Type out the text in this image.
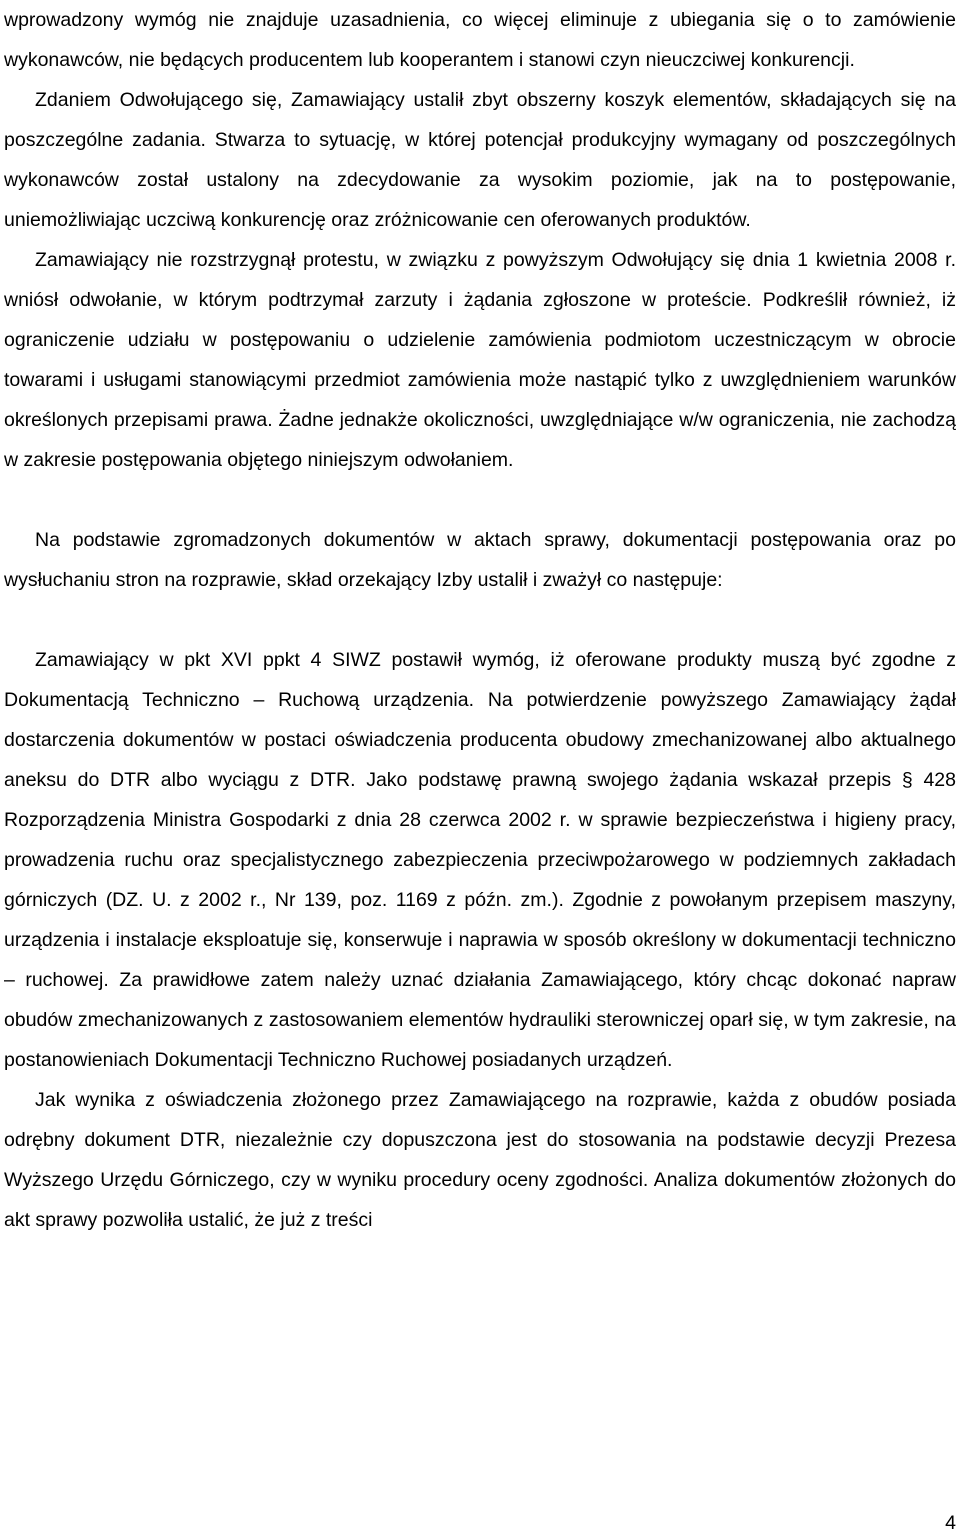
wprowadzony wymóg nie znajduje uzasadnienia, co więcej eliminuje z ubiegania się o to zamówienie wykonawców, nie będących producentem lub kooperantem i stanowi czyn nieuczciwej konkurencji.

Zdaniem Odwołującego się, Zamawiający ustalił zbyt obszerny koszyk elementów, składających się na poszczególne zadania. Stwarza to sytuację, w której potencjał produkcyjny wymagany od poszczególnych wykonawców został ustalony na zdecydowanie za wysokim poziomie, jak na to postępowanie, uniemożliwiając uczciwą konkurencję oraz zróżnicowanie cen oferowanych produktów.

Zamawiający nie rozstrzygnął protestu, w związku z powyższym Odwołujący się dnia 1 kwietnia 2008 r. wniósł odwołanie, w którym podtrzymał zarzuty i żądania zgłoszone w proteście. Podkreślił również, iż ograniczenie udziału w postępowaniu o udzielenie zamówienia podmiotom uczestniczącym w obrocie towarami i usługami stanowiącymi przedmiot zamówienia może nastąpić tylko z uwzględnieniem warunków określonych przepisami prawa. Żadne jednakże okoliczności, uwzględniające w/w ograniczenia, nie zachodzą w zakresie postępowania objętego niniejszym odwołaniem.

Na podstawie zgromadzonych dokumentów w aktach sprawy, dokumentacji postępowania oraz po wysłuchaniu stron na rozprawie, skład orzekający Izby ustalił i zważył co następuje:

Zamawiający w pkt XVI ppkt 4 SIWZ postawił wymóg, iż oferowane produkty muszą być zgodne z Dokumentacją Techniczno – Ruchową urządzenia. Na potwierdzenie powyższego Zamawiający żądał dostarczenia dokumentów w postaci oświadczenia producenta obudowy zmechanizowanej albo aktualnego aneksu do DTR albo wyciągu z DTR. Jako podstawę prawną swojego żądania wskazał przepis § 428 Rozporządzenia Ministra Gospodarki z dnia 28 czerwca 2002 r. w sprawie bezpieczeństwa i higieny pracy, prowadzenia ruchu oraz specjalistycznego zabezpieczenia przeciwpożarowego w podziemnych zakładach górniczych (DZ. U. z 2002 r., Nr 139, poz. 1169 z późn. zm.). Zgodnie z powołanym przepisem maszyny, urządzenia i instalacje eksploatuje się, konserwuje i naprawia w sposób określony w dokumentacji techniczno – ruchowej. Za prawidłowe zatem należy uznać działania Zamawiającego, który chcąc dokonać napraw obudów zmechanizowanych z zastosowaniem elementów hydrauliki sterowniczej oparł się, w tym zakresie, na postanowieniach Dokumentacji Techniczno Ruchowej posiadanych urządzeń.

Jak wynika z oświadczenia złożonego przez Zamawiającego na rozprawie, każda z obudów posiada odrębny dokument DTR, niezależnie czy dopuszczona jest do stosowania na podstawie decyzji Prezesa Wyższego Urzędu Górniczego, czy w wyniku procedury oceny zgodności. Analiza dokumentów złożonych do akt sprawy pozwoliła ustalić, że już z treści

4
